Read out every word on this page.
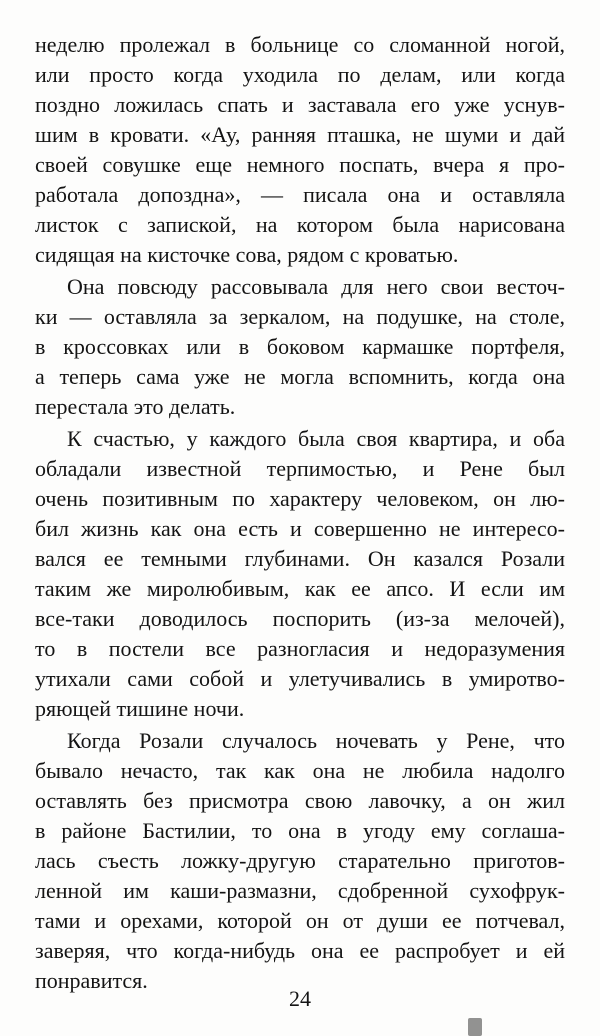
неделю пролежал в больнице со сломанной ногой,
или просто когда уходила по делам, или когда
поздно ложилась спать и заставала его уже уснув-
шим в кровати. «Ау, ранняя пташка, не шуми и дай
своей совушке еще немного поспать, вчера я про-
работала допоздна», — писала она и оставляла
листок с запиской, на котором была нарисована
сидящая на кисточке сова, рядом с кроватью.
Она повсюду рассовывала для него свои весточ-
ки — оставляла за зеркалом, на подушке, на столе,
в кроссовках или в боковом кармашке портфеля,
а теперь сама уже не могла вспомнить, когда она
перестала это делать.
К счастью, у каждого была своя квартира, и оба
обладали известной терпимостью, и Рене был
очень позитивным по характеру человеком, он лю-
бил жизнь как она есть и совершенно не интересо-
вался ее темными глубинами. Он казался Розали
таким же миролюбивым, как ее апсо. И если им
все-таки доводилось поспорить (из-за мелочей),
то в постели все разногласия и недоразумения
утихали сами собой и улетучивались в умиротво-
ряющей тишине ночи.
Когда Розали случалось ночевать у Рене, что
бывало нечасто, так как она не любила надолго
оставлять без присмотра свою лавочку, а он жил
в районе Бастилии, то она в угоду ему соглаша-
лась съесть ложку-другую старательно приготов-
ленной им каши-размазни, сдобренной сухофрук-
тами и орехами, которой он от души ее потчевал,
заверяя, что когда-нибудь она ее распробует и ей
понравится.
24
